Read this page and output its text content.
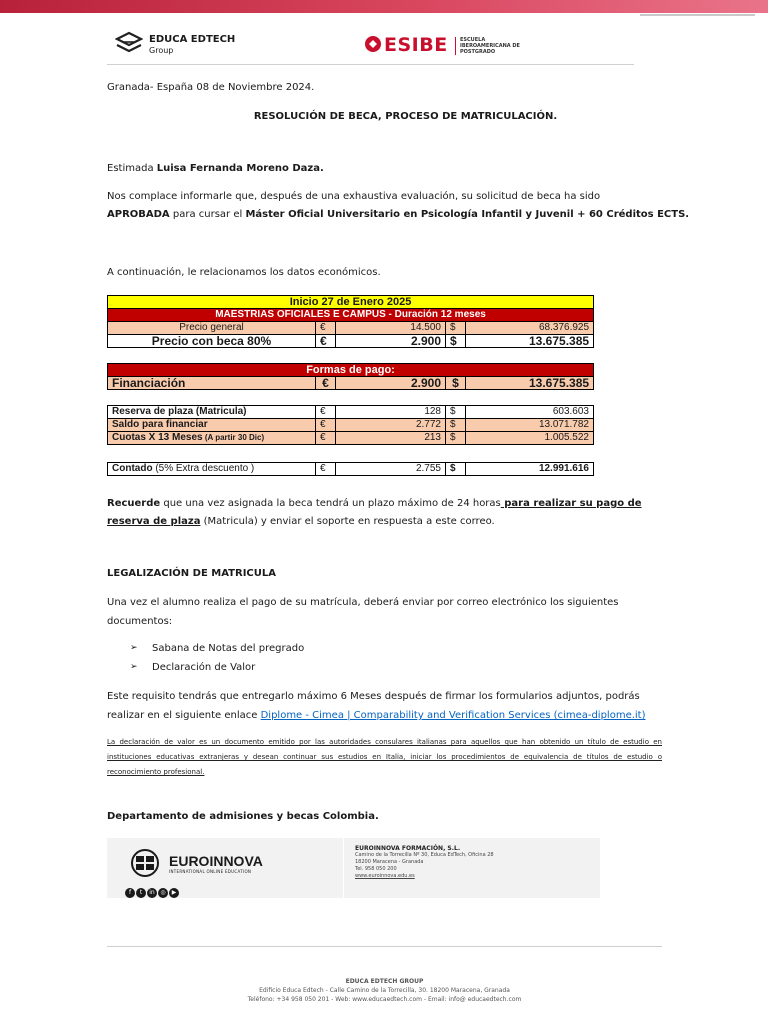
EDUCA EDTECH
Group	ESIBE ESCUELA IBEROAMERICANA DE POSTGRADO
Granada- España 08 de Noviembre 2024.
RESOLUCIÓN DE BECA, PROCESO DE MATRICULACIÓN.
Estimada Luisa Fernanda Moreno Daza.
Nos complace informarle que, después de una exhaustiva evaluación, su solicitud de beca ha sido
APROBADA para cursar el Máster Oficial Universitario en Psicología Infantil y Juvenil + 60 Créditos ECTS.
A continuación, le relacionamos los datos económicos.
Inicio 27 de Enero 2025				
MAESTRIAS OFICIALES E CAMPUS - Duración 12 meses				
Precio general	€	14.500	$	68.376.925
Precio con beca 80%	€	2.900	$	13.675.385
Formas de pago:
Financiación	€	2.900	$	13.675.385
Reserva de plaza (Matricula)	€	128	$	603.603
Saldo para financiar	€	2.772	$	13.071.782
Cuotas X 13 Meses (A partir 30 Dic)	€	213	$	1.005.522
Contado (5% Extra descuento )	€	2.755	$	12.991.616
Recuerde que una vez asignada la beca tendrá un plazo máximo de 24 horas para realizar su pago de
reserva de plaza (Matricula) y enviar el soporte en respuesta a este correo.
LEGALIZACIÓN DE MATRICULA
Una vez el alumno realiza el pago de su matrícula, deberá enviar por correo electrónico los siguientes
documentos:
➢ Sabana de Notas del pregrado
➢ Declaración de Valor
Este requisito tendrás que entregarlo máximo 6 Meses después de firmar los formularios adjuntos, podrás
realizar en el siguiente enlace Diplome - Cimea | Comparability and Verification Services (cimea-diplome.it)
La declaración de valor es un documento emitido por las autoridades consulares italianas para aquellos que han obtenido un título de estudio en instituciones educativas extranjeras y desean continuar sus estudios en Italia, iniciar los procedimientos de equivalencia de títulos de estudio o reconocimiento profesional.
Departamento de admisiones y becas Colombia.
EUROINNOVA
INTERNATIONAL ONLINE EDUCATION
f t in ◎ ▶
EUROINNOVA FORMACIÓN, S.L.
Camino de la Torrecilla Nº 30, Educa EdTech, Oficina 28
18200 Maracena - Granada
Tel. 958 050 200
www.euroinnova.edu.es
EDUCA EDTECH GROUP
Edificio Educa Edtech - Calle Camino de la Torrecilla, 30. 18200 Maracena, Granada
Teléfono: +34 958 050 201 - Web: www.educaedtech.com - Email: info@ educaedtech.com
